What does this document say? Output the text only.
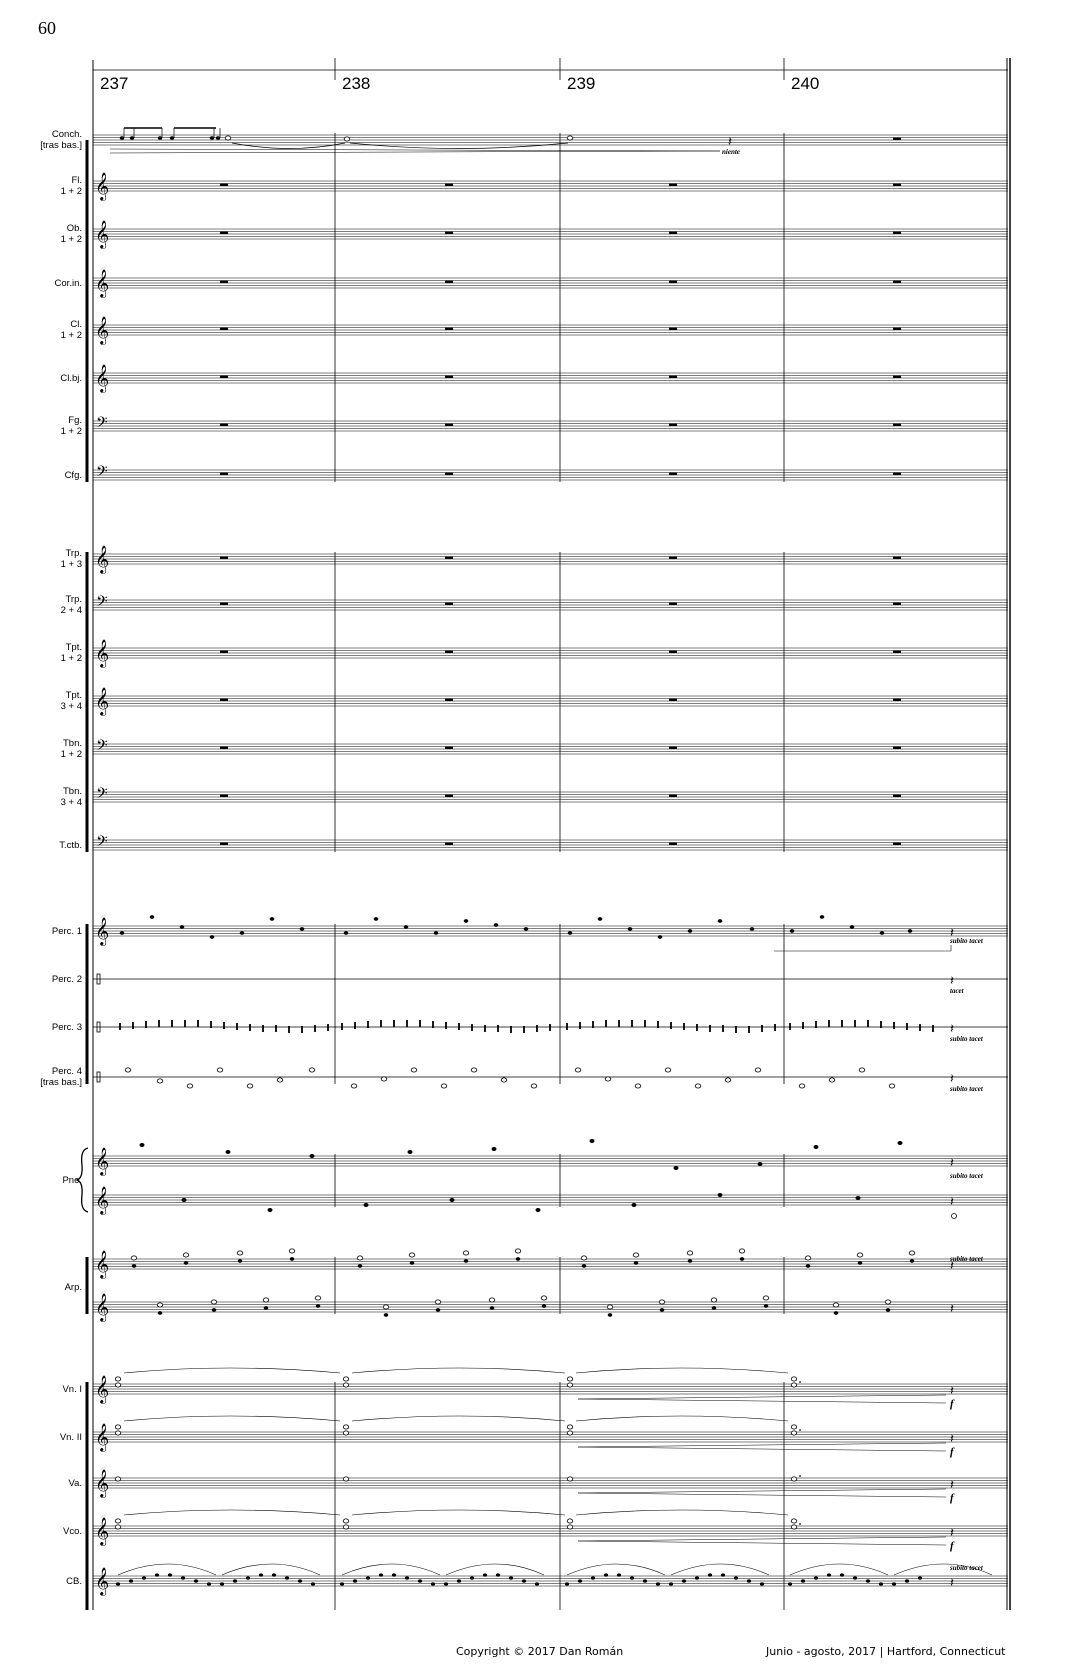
60
𝄞
𝄞
𝄞
𝄞
𝄞
𝄢
𝄢
𝄞
𝄢
𝄞
𝄞
𝄢
𝄢
𝄢
𝄞
𝄞
𝄞
𝄞
𝄞
𝄞
𝄞
𝄞
𝄞
𝄞
𝄽
𝄽
𝄽
𝄽
𝄽
𝄽
𝄽
𝄽
𝄽
𝄽
𝄽
𝄽
𝄽
𝄽
Conch.
[tras bas.]
Fl.
1 + 2
Ob.
1 + 2
Cor.in.
Cl.
1 + 2
Cl.bj.
Fg.
1 + 2
Cfg.
Trp.
1 + 3
Trp.
2 + 4
Tpt.
1 + 2
Tpt.
3 + 4
Tbn.
1 + 2
Tbn.
3 + 4
T.ctb.
Perc. 1
Perc. 2
Perc. 3
Perc. 4
[tras bas.]
Pno.
Arp.
Vn. I
Vn. II
Va.
Vco.
CB.
237	238	239	240
niente
subito tacet
tacet
subito tacet
subito tacet
subito tacet
subito tacet
subito tacet
f
f
f
f
Copyright © 2017 Dan Román	Junio - agosto, 2017 | Hartford, Connecticut
